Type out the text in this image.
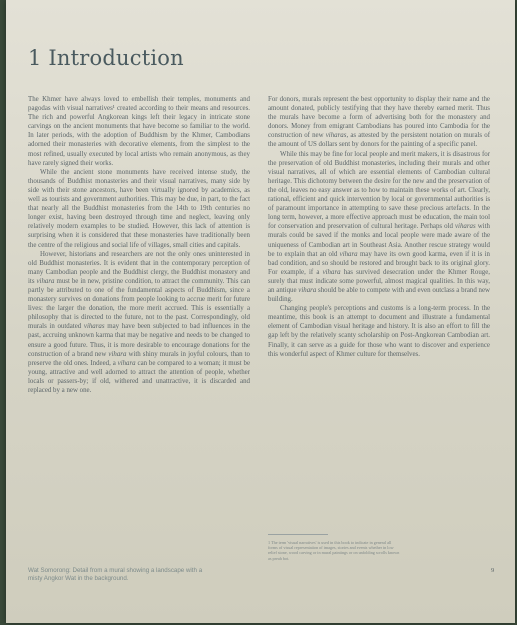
1 Introduction

The Khmer have always loved to embellish their temples, monuments and pagodas with visual narratives¹ created according to their means and resources. The rich and powerful Angkorean kings left their legacy in intricate stone carvings on the ancient monuments that have become so familiar to the world. In later periods, with the adoption of Buddhism by the Khmer, Cambodians adorned their monasteries with decorative elements, from the simplest to the most refined, usually executed by local artists who remain anonymous, as they have rarely signed their works.

While the ancient stone monuments have received intense study, the thousands of Buddhist monasteries and their visual narratives, many side by side with their stone ancestors, have been virtually ignored by academics, as well as tourists and government authorities. This may be due, in part, to the fact that nearly all the Buddhist monasteries from the 14th to 19th centuries no longer exist, having been destroyed through time and neglect, leaving only relatively modern examples to be studied. However, this lack of attention is surprising when it is considered that these monasteries have traditionally been the centre of the religious and social life of villages, small cities and capitals.

However, historians and researchers are not the only ones uninterested in old Buddhist monasteries. It is evident that in the contemporary perception of many Cambodian people and the Buddhist clergy, the Buddhist monastery and its vihara must be in new, pristine condition, to attract the community. This can partly be attributed to one of the fundamental aspects of Buddhism, since a monastery survives on donations from people looking to accrue merit for future lives: the larger the donation, the more merit accrued. This is essentially a philosophy that is directed to the future, not to the past. Correspondingly, old murals in outdated viharas may have been subjected to bad influences in the past, accruing unknown karma that may be negative and needs to be changed to ensure a good future. Thus, it is more desirable to encourage donations for the construction of a brand new vihara with shiny murals in joyful colours, than to preserve the old ones. Indeed, a vihara can be compared to a woman; it must be young, attractive and well adorned to attract the attention of people, whether locals or passers-by; if old, withered and unattractive, it is discarded and replaced by a new one.

For donors, murals represent the best opportunity to display their name and the amount donated, publicly testifying that they have thereby earned merit. Thus the murals have become a form of advertising both for the monastery and donors. Money from emigrant Cambodians has poured into Cambodia for the construction of new viharas, as attested by the persistent notation on murals of the amount of US dollars sent by donors for the painting of a specific panel.

While this may be fine for local people and merit makers, it is disastrous for the preservation of old Buddhist monasteries, including their murals and other visual narratives, all of which are essential elements of Cambodian cultural heritage. This dichotomy between the desire for the new and the preservation of the old, leaves no easy answer as to how to maintain these works of art. Clearly, rational, efficient and quick intervention by local or governmental authorities is of paramount importance in attempting to save these precious artefacts. In the long term, however, a more effective approach must be education, the main tool for conservation and preservation of cultural heritage. Perhaps old viharas with murals could be saved if the monks and local people were made aware of the uniqueness of Cambodian art in Southeast Asia. Another rescue strategy would be to explain that an old vihara may have its own good karma, even if it is in bad condition, and so should be restored and brought back to its original glory. For example, if a vihara has survived desecration under the Khmer Rouge, surely that must indicate some powerful, almost magical qualities. In this way, an antique vihara should be able to compete with and even outclass a brand new building.

Changing people's perceptions and customs is a long-term process. In the meantime, this book is an attempt to document and illustrate a fundamental element of Cambodian visual heritage and history. It is also an effort to fill the gap left by the relatively scanty scholarship on Post-Angkorean Cambodian art. Finally, it can serve as a guide for those who want to discover and experience this wonderful aspect of Khmer culture for themselves.

Wat Somorong: Detail from a mural showing a landscape with a misty Angkor Wat in the background.
1 The term 'visual narratives' is used in this book to indicate in general all forms of visual representation of images, stories and events whether in low relief stone, wood carving or in mural paintings or on unfolding scrolls known as preah bot.
9
